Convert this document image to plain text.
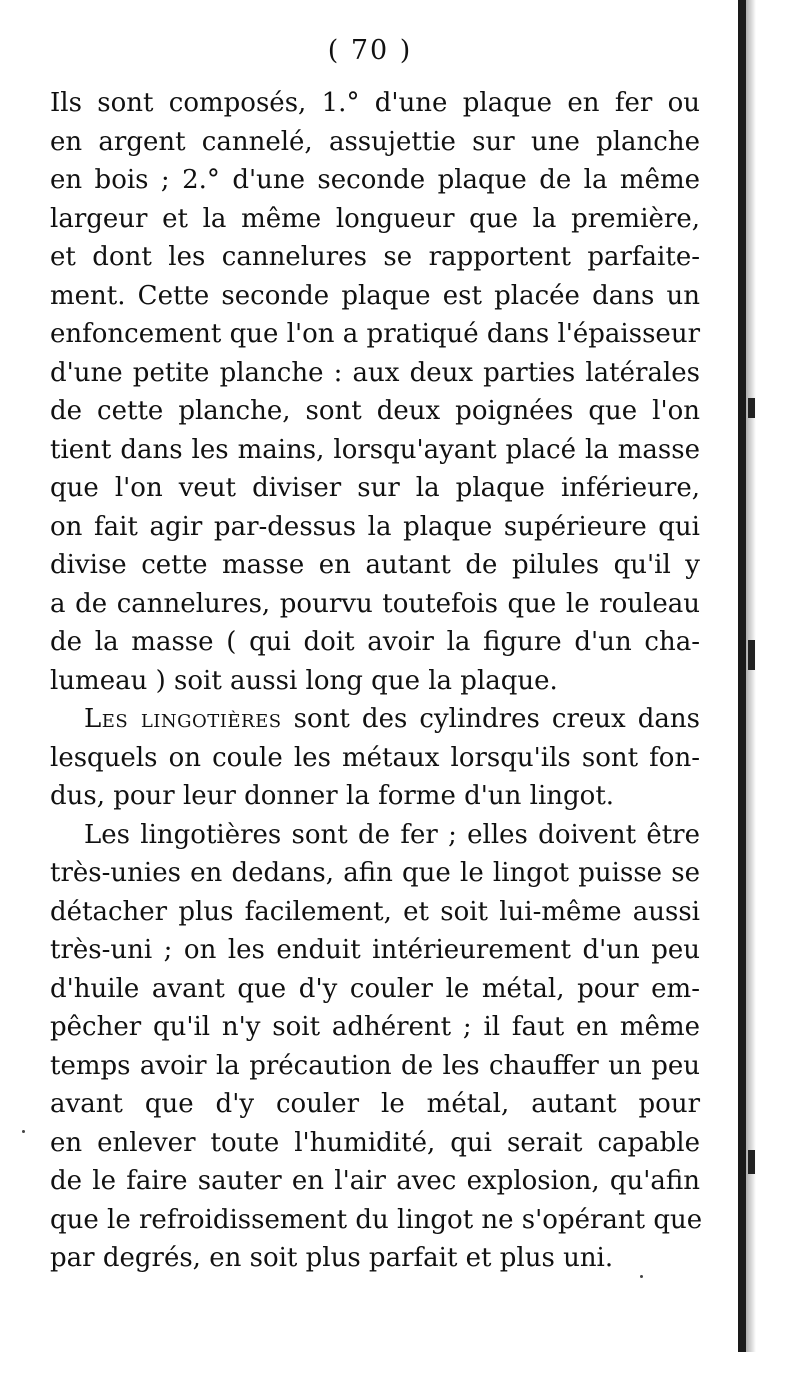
( 70 )
Ils sont composés, 1.° d'une plaque en fer ou
en argent cannelé, assujettie sur une planche
en bois ; 2.° d'une seconde plaque de la même
largeur et la même longueur que la première,
et dont les cannelures se rapportent parfaite-
ment. Cette seconde plaque est placée dans un
enfoncement que l'on a pratiqué dans l'épaisseur
d'une petite planche : aux deux parties latérales
de cette planche, sont deux poignées que l'on
tient dans les mains, lorsqu'ayant placé la masse
que l'on veut diviser sur la plaque inférieure,
on fait agir par-dessus la plaque supérieure qui
divise cette masse en autant de pilules qu'il y
a de cannelures, pourvu toutefois que le rouleau
de la masse ( qui doit avoir la figure d'un cha-
lumeau ) soit aussi long que la plaque.
Les lingotières sont des cylindres creux dans
lesquels on coule les métaux lorsqu'ils sont fon-
dus, pour leur donner la forme d'un lingot.
Les lingotières sont de fer ; elles doivent être
très-unies en dedans, afin que le lingot puisse se
détacher plus facilement, et soit lui-même aussi
très-uni ; on les enduit intérieurement d'un peu
d'huile avant que d'y couler le métal, pour em-
pêcher qu'il n'y soit adhérent ; il faut en même
temps avoir la précaution de les chauffer un peu
avant que d'y couler le métal, autant pour
en enlever toute l'humidité, qui serait capable
de le faire sauter en l'air avec explosion, qu'afin
que le refroidissement du lingot ne s'opérant que
par degrés, en soit plus parfait et plus uni.
